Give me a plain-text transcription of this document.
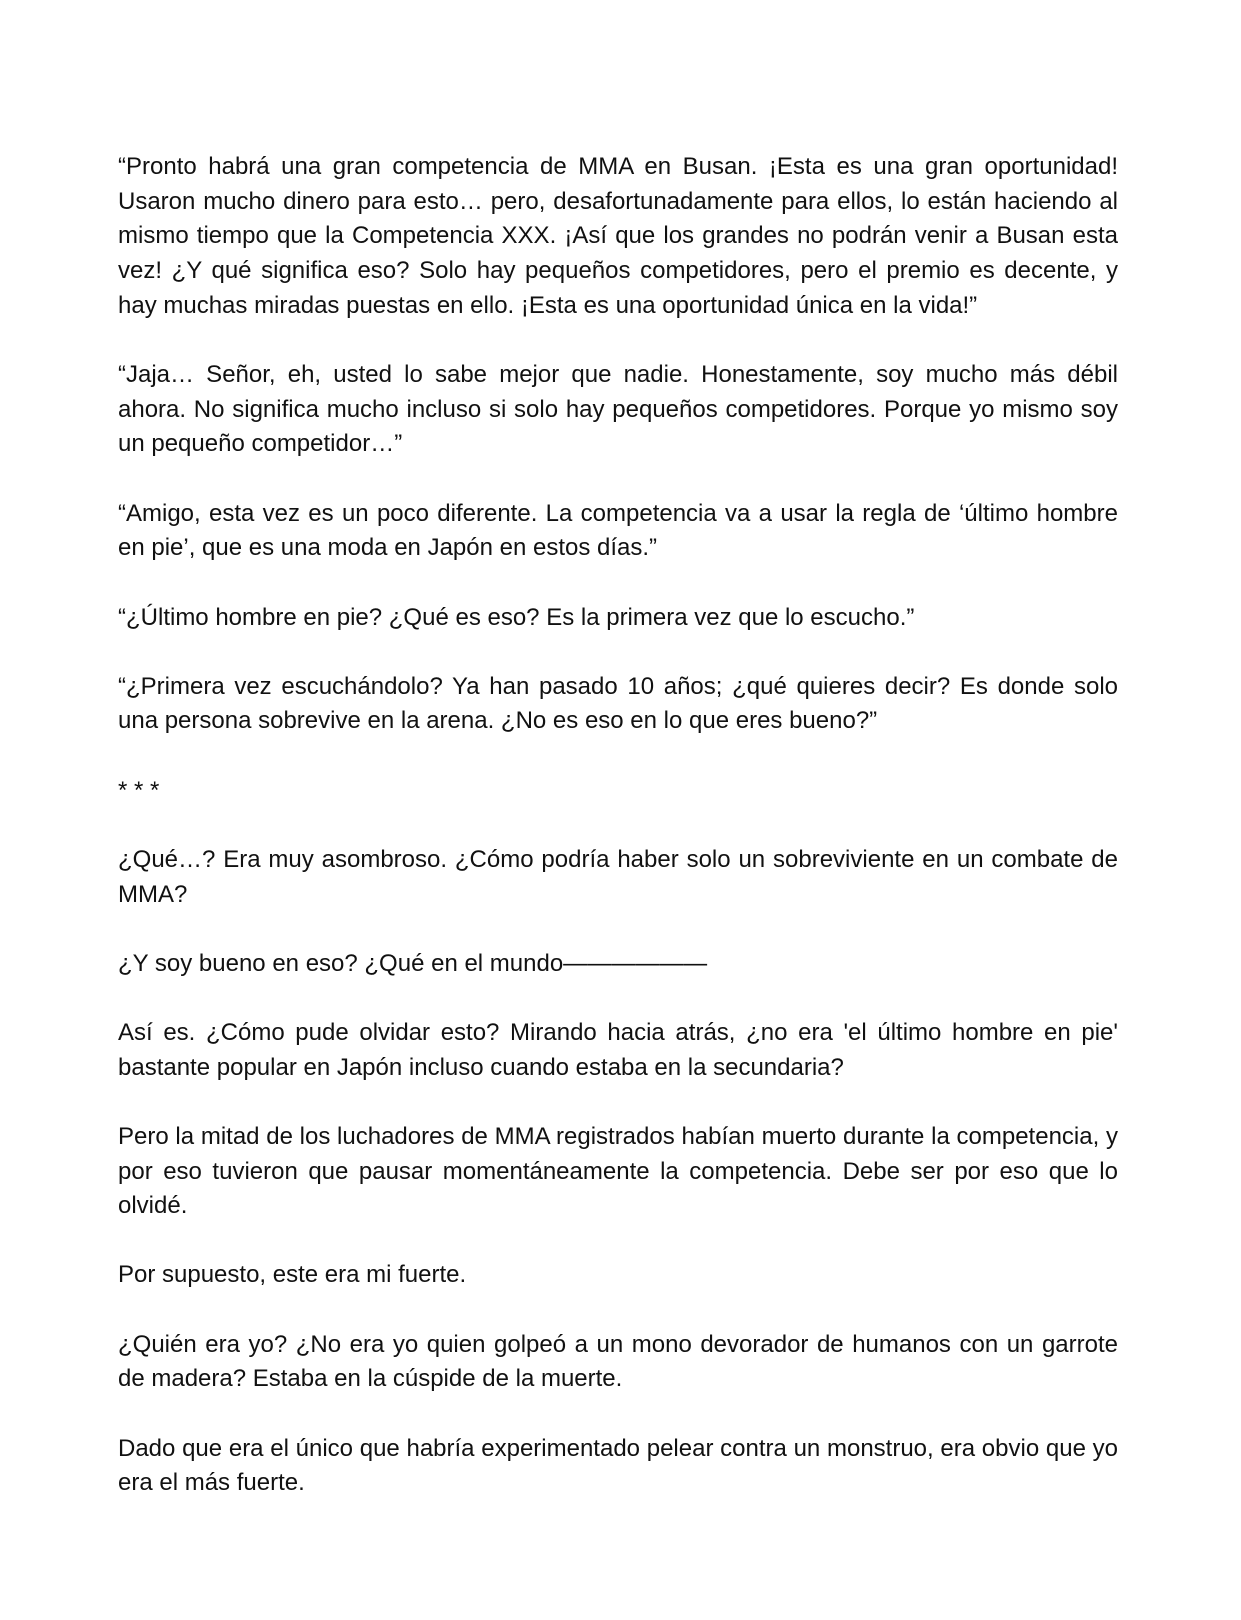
“Pronto habrá una gran competencia de MMA en Busan. ¡Esta es una gran oportunidad! Usaron mucho dinero para esto… pero, desafortunadamente para ellos, lo están haciendo al mismo tiempo que la Competencia XXX. ¡Así que los grandes no podrán venir a Busan esta vez! ¿Y qué significa eso? Solo hay pequeños competidores, pero el premio es decente, y hay muchas miradas puestas en ello. ¡Esta es una oportunidad única en la vida!”

“Jaja… Señor, eh, usted lo sabe mejor que nadie. Honestamente, soy mucho más débil ahora. No significa mucho incluso si solo hay pequeños competidores. Porque yo mismo soy un pequeño competidor…”

“Amigo, esta vez es un poco diferente. La competencia va a usar la regla de ‘último hombre en pie’, que es una moda en Japón en estos días.”

“¿Último hombre en pie? ¿Qué es eso? Es la primera vez que lo escucho.”

“¿Primera vez escuchándolo? Ya han pasado 10 años; ¿qué quieres decir? Es donde solo una persona sobrevive en la arena. ¿No es eso en lo que eres bueno?”

* * *

¿Qué…? Era muy asombroso. ¿Cómo podría haber solo un sobreviviente en un combate de MMA?

¿Y soy bueno en eso? ¿Qué en el mundo——————

Así es. ¿Cómo pude olvidar esto? Mirando hacia atrás, ¿no era 'el último hombre en pie' bastante popular en Japón incluso cuando estaba en la secundaria?

Pero la mitad de los luchadores de MMA registrados habían muerto durante la competencia, y por eso tuvieron que pausar momentáneamente la competencia. Debe ser por eso que lo olvidé.

Por supuesto, este era mi fuerte.

¿Quién era yo? ¿No era yo quien golpeó a un mono devorador de humanos con un garrote de madera? Estaba en la cúspide de la muerte.

Dado que era el único que habría experimentado pelear contra un monstruo, era obvio que yo era el más fuerte.
